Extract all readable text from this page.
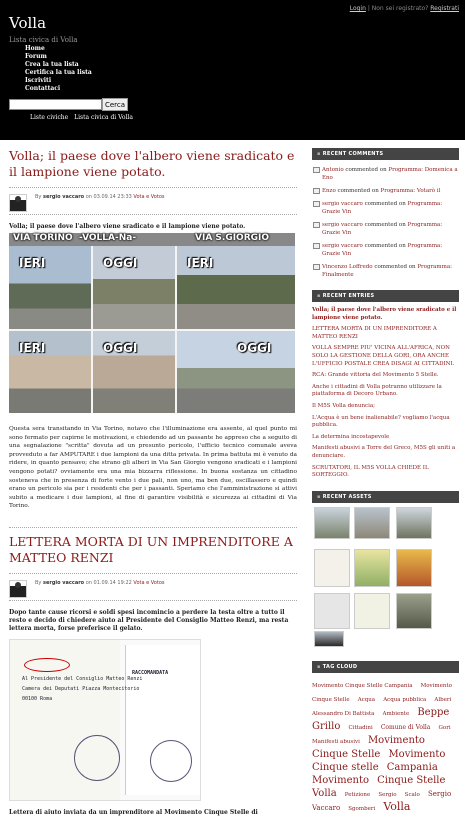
Login | Non sei registrato? Registrati
Volla
Lista civica di Volla
Home
Forum
Crea la tua lista
Certifica la tua lista
Iscriviti
Contattaci
Cerca
Liste civiche Lista civica di Volla
Volla; il paese dove l'albero viene sradicato e il lampione viene potato.
By sergio vaccaro on 03.09.14 23:33 Vota e Votos
Volla; il paese dove l'albero viene sradicato e il lampione viene potato.
VIA TORINO -VOLLA-Na-	VIA S.GIORGIO
IERI	OGGI	IERI
IERI	OGGI	OGGI

Questa sera transitando in Via Torino, notavo che l'illuminazione era assente, al quel punto mi sono fermato per capirne le motivazioni, e chiedendo ad un passante he appreso che a seguito di una segnalazione "scritta" dovuta ad un presunto pericolo, l'ufficio tecnico comunale aveva provveduto a far AMPUTARE i due lampioni da una ditta privata. In prima battuta mi è venuto da ridere, in quanto pensavo; che strano gli alberi in Via San Giorgio vengono sradicati e i lampioni vengono potati? ovviamente era una mia bizzarra riflessione. In buona sostanza un cittadino sosteneva che in presenza di forte vento i due pali, non uno, ma ben due, oscillassero e quindi erano un pericolo sia per i residenti che per i passanti. Speriamo che l'amministrazione si attivi subito a medicare i due lampioni, al fine di garantire visibilità e sicurezza ai cittadini di Via Torino.

LETTERA MORTA DI UN IMPRENDITORE A MATTEO RENZI
By sergio vaccaro on 01.09.14 19:22 Vota e Votos
Dopo tante cause ricorsi e soldi spesi incomincio a perdere la testa oltre a tutto il resto e decido di chiedere aiuto al Presidente del Consiglio Matteo Renzi, ma resta lettera morta, forse preferisce il gelato.
Al Presidente del Consiglio Matteo Renzi
Camera dei Deputati Piazza Montecitorio
00100 Roma
RACCOMANDATA
Lettera di aiuto inviata da un imprenditore al Movimento Cinque Stelle di
▪ RECENT COMMENTS
Antonio commented on Programma: Domenica a Eno
Enzo commented on Programma: Votarò il
sergio vaccaro commented on Programma: Grazie Vin
sergio vaccaro commented on Programma: Grazie Vin
sergio vaccaro commented on Programma: Grazie Vin
Vincenzo Loffredo commented on Programma: Finalmente
▪ RECENT ENTRIES
Volla; il paese dove l'albero viene sradicato e il lampione viene potato.
LETTERA MORTA DI UN IMPRENDITORE A MATTEO RENZI
VOLLA SEMPRE PIU' VICINA ALL'AFRICA, NON SOLO LA GESTIONE DELLA GORI, ORA ANCHE L'UFFICIO POSTALE CREA DISAGI AI CITTADINI.
RCA: Grande vittoria del Movimento 5 Stelle.
Anche i cittadini di Volla potranno utilizzare la piattaforma di Decoro Urbano.
Il M5S Volla denuncia;
L'Acqua è un bene inalienabile? vogliamo l'acqua pubblica.
La determina incostapevole
Manifesti abusivi a Torre del Greco, M5S gli uniti a denunciare.
SCRUTATORI, IL M5S VOLLA CHIEDE IL SORTEGGIO.
▪ RECENT ASSETS
▪ TAG CLOUD
Movimento Cinque Stelle Campania Movimento Cinque Stelle Acqua Acqua pubblica Alberi Alessandro Di Battista Ambiente Beppe Grillo Cittadini Comune di Volla Gori Manifesti abusivi Movimento Cinque Stelle Movimento Cinque stelle Campania Movimento Cinque Stelle Volla Petizione Sergio Scalo Sergio Vaccaro Sgomberi Volla
